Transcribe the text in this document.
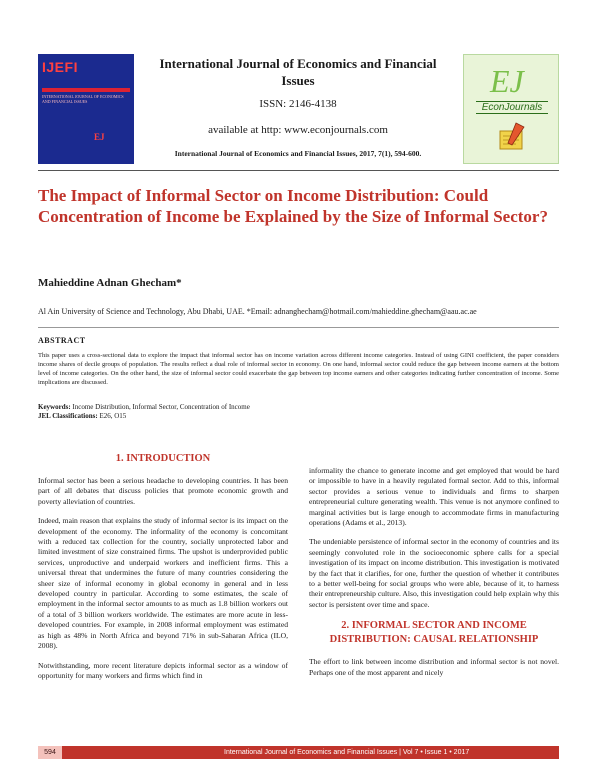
IJEFI
INTERNATIONAL JOURNAL OF ECONOMICS AND FINANCIAL ISSUES
EJ
International Journal of Economics and Financial Issues
ISSN: 2146-4138
available at http: www.econjournals.com
International Journal of Economics and Financial Issues, 2017, 7(1), 594-600.
EJ
EconJournals
The Impact of Informal Sector on Income Distribution: Could Concentration of Income be Explained by the Size of Informal Sector?

Mahieddine Adnan Ghecham*

Al Ain University of Science and Technology, Abu Dhabi, UAE. *Email: adnanghecham@hotmail.com/mahieddine.ghecham@aau.ac.ae
ABSTRACT

This paper uses a cross-sectional data to explore the impact that informal sector has on income variation across different income categories. Instead of using GINI coefficient, the paper considers income shares of decile groups of population. The results reflect a dual role of informal sector in economy. On one hand, informal sector could reduce the gap between income earners at the bottom level of income categories. On the other hand, the size of informal sector could exacerbate the gap between top income earners and other categories indicating further concentration of income. Some implications are discussed.

Keywords: Income Distribution, Informal Sector, Concentration of Income
JEL Classifications: E26, O15
1. INTRODUCTION

Informal sector has been a serious headache to developing countries. It has been part of all debates that discuss policies that promote economic growth and poverty alleviation of countries.

Indeed, main reason that explains the study of informal sector is its impact on the development of the economy. The informality of the economy is concomitant with a reduced tax collection for the country, socially unprotected labor and limited investment of size constrained firms. The upshot is underprovided public services, unproductive and underpaid workers and inefficient firms. This a universal threat that undermines the future of many countries considering the sheer size of informal economy in global economy in general and in less developed country in particular. According to some estimates, the scale of employment in the informal sector amounts to as much as 1.8 billion workers out of a total of 3 billion workers worldwide. The estimates are more acute in less-developed countries. For example, in 2008 informal employment was estimated as high as 48% in North Africa and beyond 71% in sub-Saharan Africa (ILO, 2008).

Notwithstanding, more recent literature depicts informal sector as a window of opportunity for many workers and firms which find in

informality the chance to generate income and get employed that would be hard or impossible to have in a heavily regulated formal sector. Add to this, informal sector provides a serious venue to individuals and firms to sharpen entrepreneurial culture generating wealth. This venue is not anymore confined to marginal activities but is large enough to accommodate firms in manufacturing operations (Adams et al., 2013).

The undeniable persistence of informal sector in the economy of countries and its seemingly convoluted role in the socioeconomic sphere calls for a special investigation of its impact on income distribution. This investigation is motivated by the fact that it clarifies, for one, further the question of whether it contributes to a better well-being for social groups who were able, because of it, to harness their entrepreneurship culture. Also, this investigation could help explain why this sector is persistent over time and space.

2. INFORMAL SECTOR AND INCOME DISTRIBUTION: CAUSAL RELATIONSHIP

The effort to link between income distribution and informal sector is not novel. Perhaps one of the most apparent and nicely

594	International Journal of Economics and Financial Issues | Vol 7 • Issue 1 • 2017
